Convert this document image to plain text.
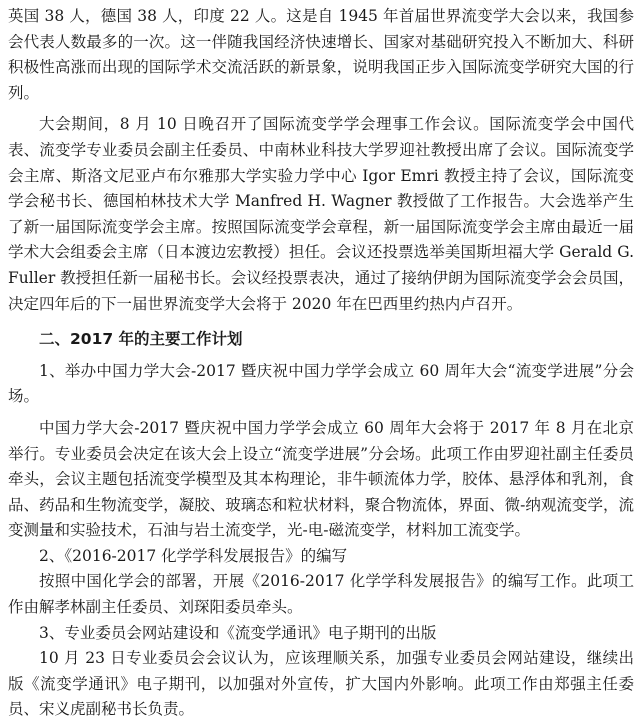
英国 38 人，德国 38 人，印度 22 人。这是自 1945 年首届世界流变学大会以来，我国参会代表人数最多的一次。这一伴随我国经济快速增长、国家对基础研究投入不断加大、科研积极性高涨而出现的国际学术交流活跃的新景象，说明我国正步入国际流变学研究大国的行列。

大会期间，8 月 10 日晚召开了国际流变学学会理事工作会议。国际流变学会中国代表、流变学专业委员会副主任委员、中南林业科技大学罗迎社教授出席了会议。国际流变学会主席、斯洛文尼亚卢布尔雅那大学实验力学中心 Igor Emri 教授主持了会议，国际流变学会秘书长、德国柏林技术大学 Manfred H. Wagner 教授做了工作报告。大会选举产生了新一届国际流变学会主席。按照国际流变学会章程，新一届国际流变学会主席由最近一届学术大会组委会主席（日本渡边宏教授）担任。会议还投票选举美国斯坦福大学 Gerald G. Fuller 教授担任新一届秘书长。会议经投票表决，通过了接纳伊朗为国际流变学会会员国，决定四年后的下一届世界流变学大会将于 2020 年在巴西里约热内卢召开。

二、2017 年的主要工作计划

1、举办中国力学大会-2017 暨庆祝中国力学学会成立 60 周年大会“流变学进展”分会场。

中国力学大会-2017 暨庆祝中国力学学会成立 60 周年大会将于 2017 年 8 月在北京举行。专业委员会决定在该大会上设立“流变学进展”分会场。此项工作由罗迎社副主任委员牵头，会议主题包括流变学模型及其本构理论，非牛顿流体力学，胶体、悬浮体和乳剂，食品、药品和生物流变学，凝胶、玻璃态和粒状材料，聚合物流体，界面、微-纳观流变学，流变测量和实验技术，石油与岩土流变学，光-电-磁流变学，材料加工流变学。

2、《2016-2017 化学学科发展报告》的编写

按照中国化学会的部署，开展《2016-2017 化学学科发展报告》的编写工作。此项工作由解孝林副主任委员、刘琛阳委员牵头。

3、专业委员会网站建设和《流变学通讯》电子期刊的出版

10 月 23 日专业委员会会议认为，应该理顺关系，加强专业委员会网站建设，继续出版《流变学通讯》电子期刊，以加强对外宣传，扩大国内外影响。此项工作由郑强主任委员、宋义虎副秘书长负责。
